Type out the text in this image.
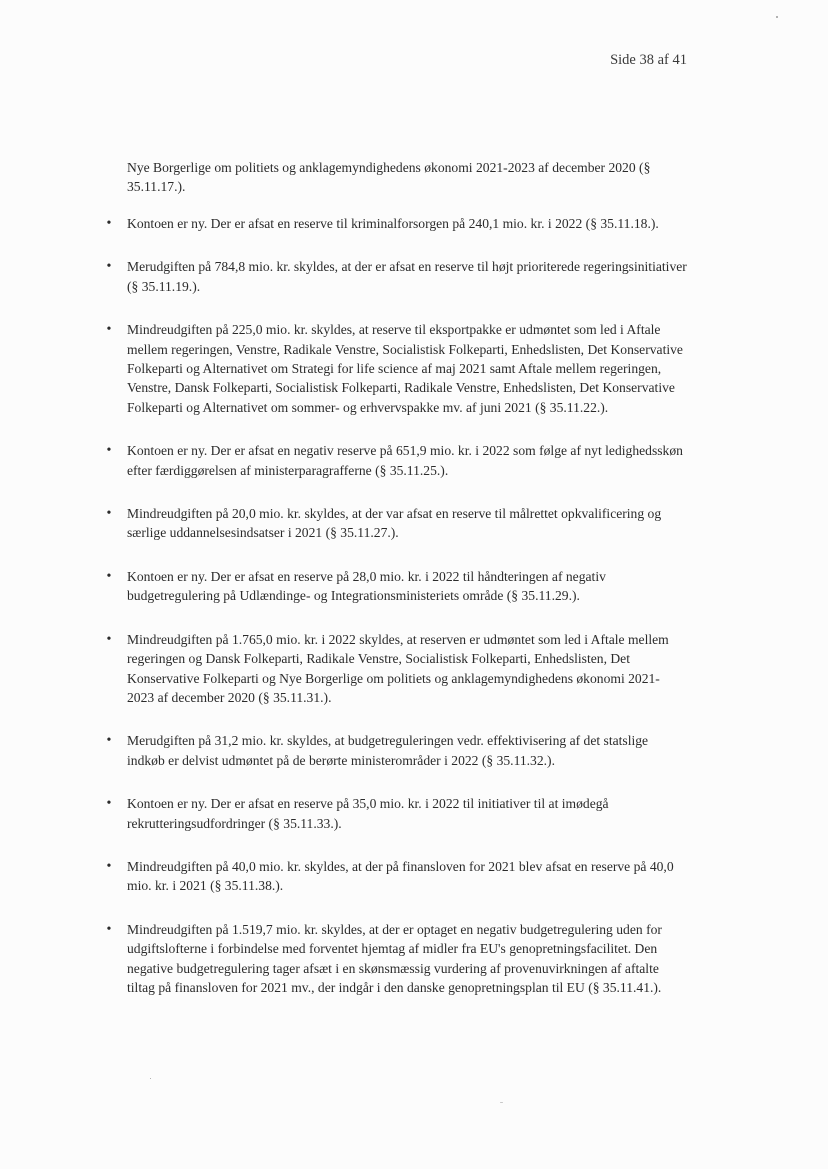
Side 38 af 41

Nye Borgerlige om politiets og anklagemyndighedens økonomi 2021-2023 af december 2020 (§ 35.11.17.).

• Kontoen er ny. Der er afsat en reserve til kriminalforsorgen på 240,1 mio. kr. i 2022 (§ 35.11.18.).
• Merudgiften på 784,8 mio. kr. skyldes, at der er afsat en reserve til højt prioriterede regeringsinitiativer (§ 35.11.19.).
• Mindreudgiften på 225,0 mio. kr. skyldes, at reserve til eksportpakke er udmøntet som led i Aftale mellem regeringen, Venstre, Radikale Venstre, Socialistisk Folkeparti, Enhedslisten, Det Konservative Folkeparti og Alternativet om Strategi for life science af maj 2021 samt Aftale mellem regeringen, Venstre, Dansk Folkeparti, Socialistisk Folkeparti, Radikale Venstre, Enhedslisten, Det Konservative Folkeparti og Alternativet om sommer- og erhvervspakke mv. af juni 2021 (§ 35.11.22.).
• Kontoen er ny. Der er afsat en negativ reserve på 651,9 mio. kr. i 2022 som følge af nyt ledighedsskøn efter færdiggørelsen af ministerparagrafferne (§ 35.11.25.).
• Mindreudgiften på 20,0 mio. kr. skyldes, at der var afsat en reserve til målrettet opkvalificering og særlige uddannelsesindsatser i 2021 (§ 35.11.27.).
• Kontoen er ny. Der er afsat en reserve på 28,0 mio. kr. i 2022 til håndteringen af negativ budgetregulering på Udlændinge- og Integrationsministeriets område (§ 35.11.29.).
• Mindreudgiften på 1.765,0 mio. kr. i 2022 skyldes, at reserven er udmøntet som led i Aftale mellem regeringen og Dansk Folkeparti, Radikale Venstre, Socialistisk Folkeparti, Enhedslisten, Det Konservative Folkeparti og Nye Borgerlige om politiets og anklagemyndighedens økonomi 2021-2023 af december 2020 (§ 35.11.31.).
• Merudgiften på 31,2 mio. kr. skyldes, at budgetreguleringen vedr. effektivisering af det statslige indkøb er delvist udmøntet på de berørte ministerområder i 2022 (§ 35.11.32.).
• Kontoen er ny. Der er afsat en reserve på 35,0 mio. kr. i 2022 til initiativer til at imødegå rekrutteringsudfordringer (§ 35.11.33.).
• Mindreudgiften på 40,0 mio. kr. skyldes, at der på finansloven for 2021 blev afsat en reserve på 40,0 mio. kr. i 2021 (§ 35.11.38.).
• Mindreudgiften på 1.519,7 mio. kr. skyldes, at der er optaget en negativ budgetregulering uden for udgiftslofterne i forbindelse med forventet hjemtag af midler fra EU's genopretningsfacilitet. Den negative budgetregulering tager afsæt i en skønsmæssig vurdering af provenuvirkningen af aftalte tiltag på finansloven for 2021 mv., der indgår i den danske genopretningsplan til EU (§ 35.11.41.).
